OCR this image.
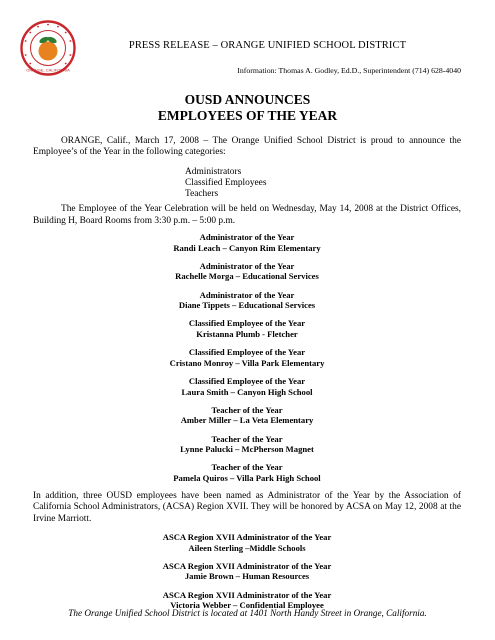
ORANGE, CALIFORNIA
PRESS RELEASE – ORANGE UNIFIED SCHOOL DISTRICT
Information: Thomas A. Godley, Ed.D., Superintendent (714) 628-4040
OUSD ANNOUNCES
EMPLOYEES OF THE YEAR

ORANGE, Calif., March 17, 2008 – The Orange Unified School District is proud to announce the Employee’s of the Year in the following categories:

Administrators
Classified Employees
Teachers

The Employee of the Year Celebration will be held on Wednesday, May 14, 2008 at the District Offices, Building H, Board Rooms from 3:30 p.m. – 5:00 p.m.

Administrator of the Year
Randi Leach – Canyon Rim Elementary
Administrator of the Year
Rachelle Morga – Educational Services
Administrator of the Year
Diane Tippets – Educational Services
Classified Employee of the Year
Kristanna Plumb - Fletcher
Classified Employee of the Year
Cristano Monroy – Villa Park Elementary
Classified Employee of the Year
Laura Smith – Canyon High School
Teacher of the Year
Amber Miller – La Veta Elementary
Teacher of the Year
Lynne Palucki – McPherson Magnet
Teacher of the Year
Pamela Quiros – Villa Park High School

In addition, three OUSD employees have been named as Administrator of the Year by the Association of California School Administrators, (ACSA) Region XVII. They will be honored by ACSA on May 12, 2008 at the Irvine Marriott.

ASCA Region XVII Administrator of the Year
Aileen Sterling –Middle Schools
ASCA Region XVII Administrator of the Year
Jamie Brown – Human Resources
ASCA Region XVII Administrator of the Year
Victoria Webber – Confidential Employee
The Orange Unified School District is located at 1401 North Handy Street in Orange, California.
